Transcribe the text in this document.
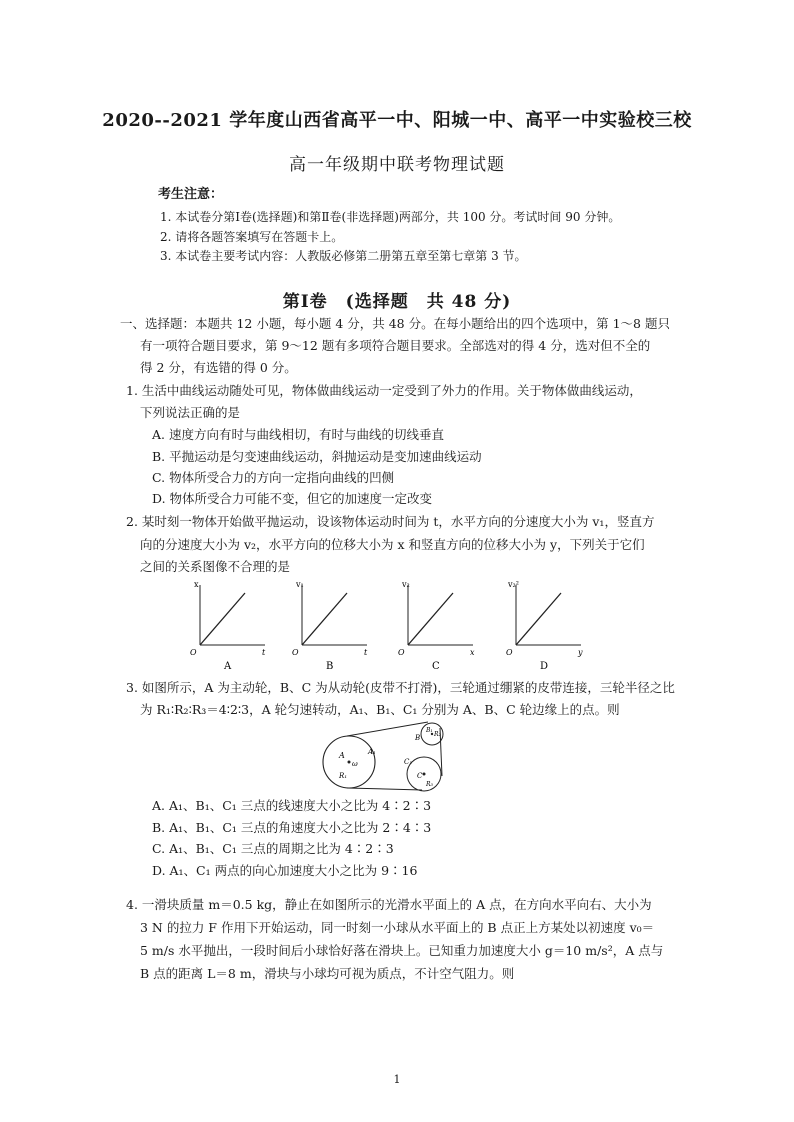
2020--2021 学年度山西省高平一中、阳城一中、高平一中实验校三校
高一年级期中联考物理试题
考生注意：
1. 本试卷分第Ⅰ卷(选择题)和第Ⅱ卷(非选择题)两部分，共 100 分。考试时间 90 分钟。
2. 请将各题答案填写在答题卡上。
3. 本试卷主要考试内容：人教版必修第二册第五章至第七章第 3 节。
第Ⅰ卷　(选择题　共 48 分)
一、选择题：本题共 12 小题，每小题 4 分，共 48 分。在每小题给出的四个选项中，第 1～8 题只
有一项符合题目要求，第 9～12 题有多项符合题目要求。全部选对的得 4 分，选对但不全的
得 2 分，有选错的得 0 分。
1. 生活中曲线运动随处可见，物体做曲线运动一定受到了外力的作用。关于物体做曲线运动，
下列说法正确的是
A. 速度方向有时与曲线相切，有时与曲线的切线垂直
B. 平抛运动是匀变速曲线运动，斜抛运动是变加速曲线运动
C. 物体所受合力的方向一定指向曲线的凹侧
D. 物体所受合力可能不变，但它的加速度一定改变
2. 某时刻一物体开始做平抛运动，设该物体运动时间为 t，水平方向的分速度大小为 v₁，竖直方
向的分速度大小为 v₂，水平方向的位移大小为 x 和竖直方向的位移大小为 y，下列关于它们
之间的关系图像不合理的是
x
t
O
A
v₁
t
O
B
v₂
x
O
C
v₂²
y
O
D
3. 如图所示，A 为主动轮，B、C 为从动轮(皮带不打滑)，三轮通过绷紧的皮带连接，三轮半径之比
为 R₁∶R₂∶R₃＝4∶2∶3，A 轮匀速转动，A₁、B₁、C₁ 分别为 A、B、C 轮边缘上的点。则
A	A₁
ω
R₁
B
B₁
R₂
C₁
C
R₃
A. A₁、B₁、C₁ 三点的线速度大小之比为 4∶2∶3
B. A₁、B₁、C₁ 三点的角速度大小之比为 2∶4∶3
C. A₁、B₁、C₁ 三点的周期之比为 4∶2∶3
D. A₁、C₁ 两点的向心加速度大小之比为 9∶16
4. 一滑块质量 m＝0.5 kg，静止在如图所示的光滑水平面上的 A 点，在方向水平向右、大小为
3 N 的拉力 F 作用下开始运动，同一时刻一小球从水平面上的 B 点正上方某处以初速度 v₀＝
5 m/s 水平抛出，一段时间后小球恰好落在滑块上。已知重力加速度大小 g＝10 m/s²，A 点与
B 点的距离 L＝8 m，滑块与小球均可视为质点，不计空气阻力。则
1
